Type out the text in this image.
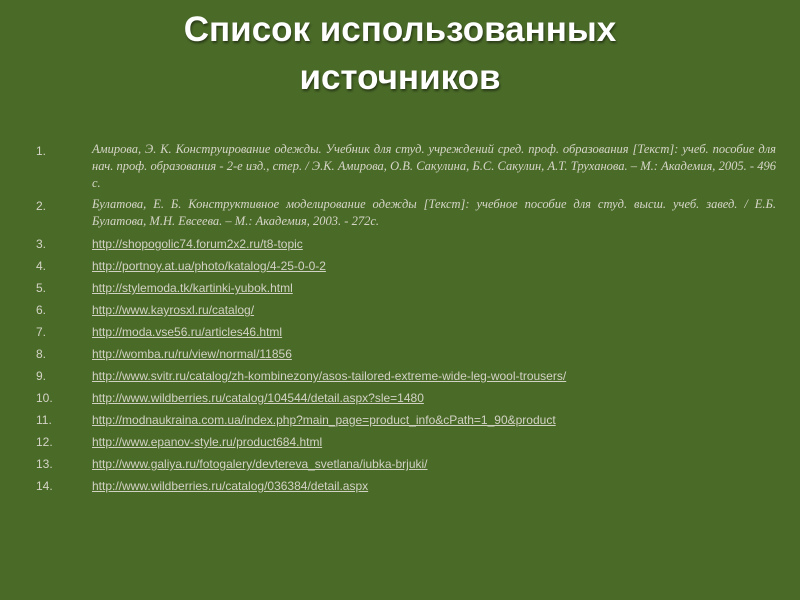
Список использованных
источников
1.	Амирова, Э. К. Конструирование одежды. Учебник для студ. учреждений сред. проф. образования [Текст]: учеб. пособие для нач. проф. образования - 2-е изд., стер. / Э.К. Амирова, О.В. Сакулина, Б.С. Сакулин, А.Т. Труханова. – М.: Академия, 2005. - 496 с.
2.	Булатова, Е. Б. Конструктивное моделирование одежды [Текст]: учебное пособие для студ. высш. учеб. завед. / Е.Б. Булатова, М.Н. Евсеева. – М.: Академия, 2003. - 272с.
3.	http://shopogolic74.forum2x2.ru/t8-topic
4.	http://portnoy.at.ua/photo/katalog/4-25-0-0-2
5.	http://stylemoda.tk/kartinki-yubok.html
6.	http://www.kayrosxl.ru/catalog/
7.	http://moda.vse56.ru/articles46.html
8.	http://womba.ru/ru/view/normal/11856
9.	http://www.svitr.ru/catalog/zh-kombinezony/asos-tailored-extreme-wide-leg-wool-trousers/
10.	http://www.wildberries.ru/catalog/104544/detail.aspx?sle=1480
11.	http://modnaukraina.com.ua/index.php?main_page=product_info&cPath=1_90&product
12.	http://www.epanov-style.ru/product684.html
13.	http://www.galiya.ru/fotogalery/devtereva_svetlana/iubka-brjuki/
14.	http://www.wildberries.ru/catalog/036384/detail.aspx
